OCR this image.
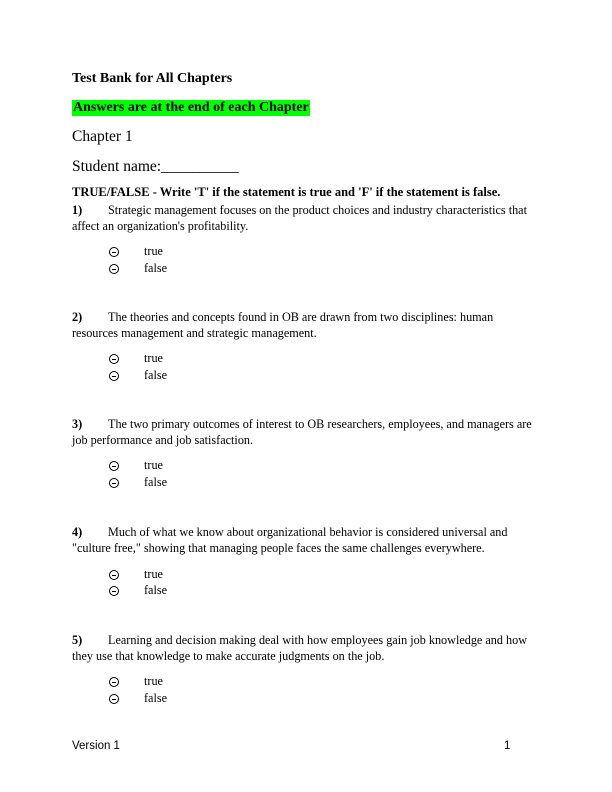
Test Bank for All Chapters
Answers are at the end of each Chapter
Chapter 1
Student name:__________
TRUE/FALSE - Write 'T' if the statement is true and 'F' if the statement is false.
1) Strategic management focuses on the product choices and industry characteristics that affect an organization's profitability.
true
false
2) The theories and concepts found in OB are drawn from two disciplines: human resources management and strategic management.
true
false
3) The two primary outcomes of interest to OB researchers, employees, and managers are job performance and job satisfaction.
true
false
4) Much of what we know about organizational behavior is considered universal and "culture free," showing that managing people faces the same challenges everywhere.
true
false
5) Learning and decision making deal with how employees gain job knowledge and how they use that knowledge to make accurate judgments on the job.
true
false
Version 1	1
